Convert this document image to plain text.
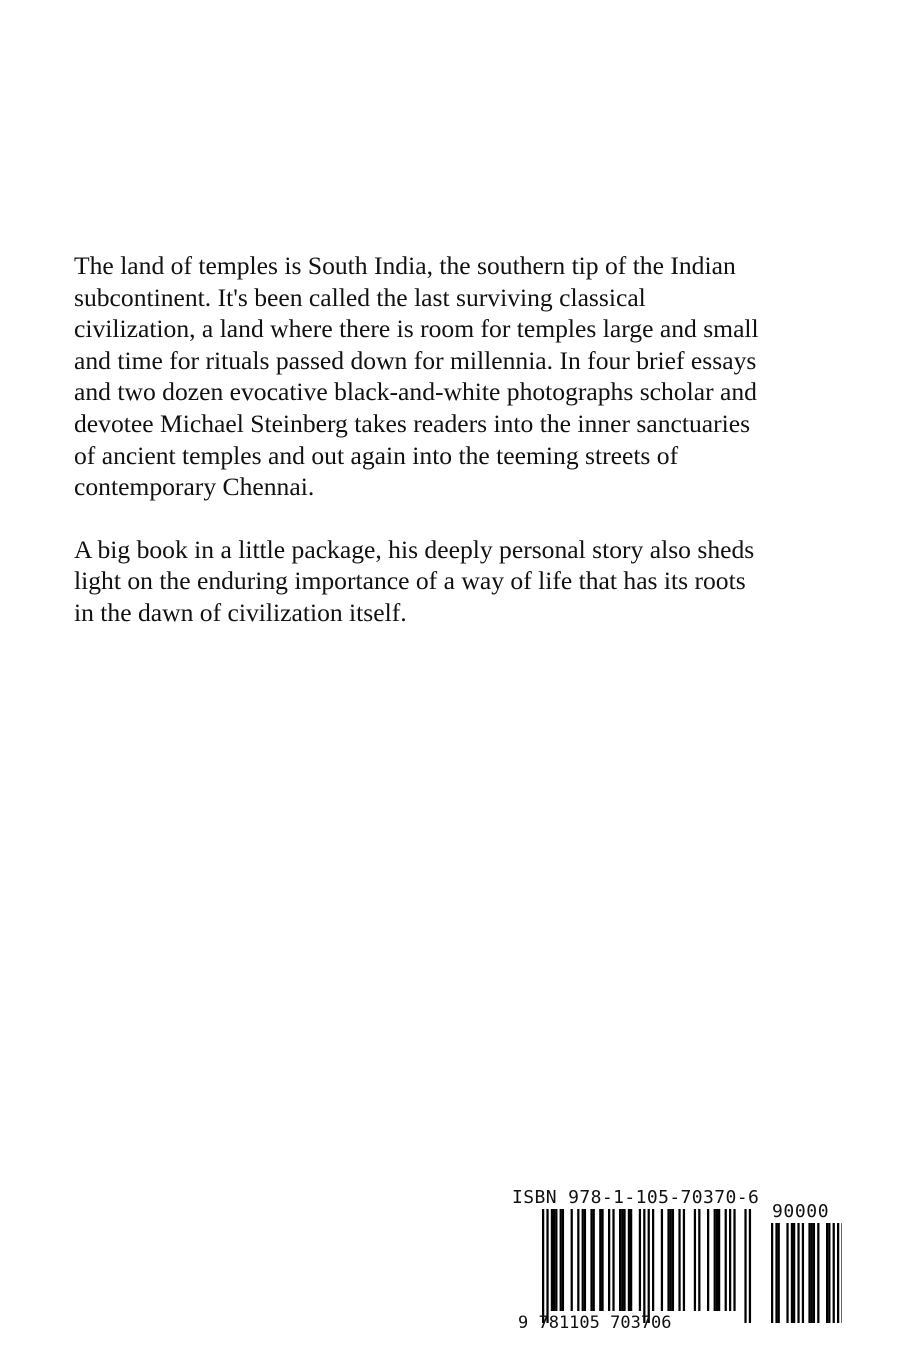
The land of temples is South India, the southern tip of the Indian
subcontinent. It's been called the last surviving classical
civilization, a land where there is room for temples large and small
and time for rituals passed down for millennia. In four brief essays
and two dozen evocative black-and-white photographs scholar and
devotee Michael Steinberg takes readers into the inner sanctuaries
of ancient temples and out again into the teeming streets of
contemporary Chennai.

A big book in a little package, his deeply personal story also sheds
light on the enduring importance of a way of life that has its roots
in the dawn of civilization itself.

ISBN 978-1-105-70370-6
90000
9 781105 703706
